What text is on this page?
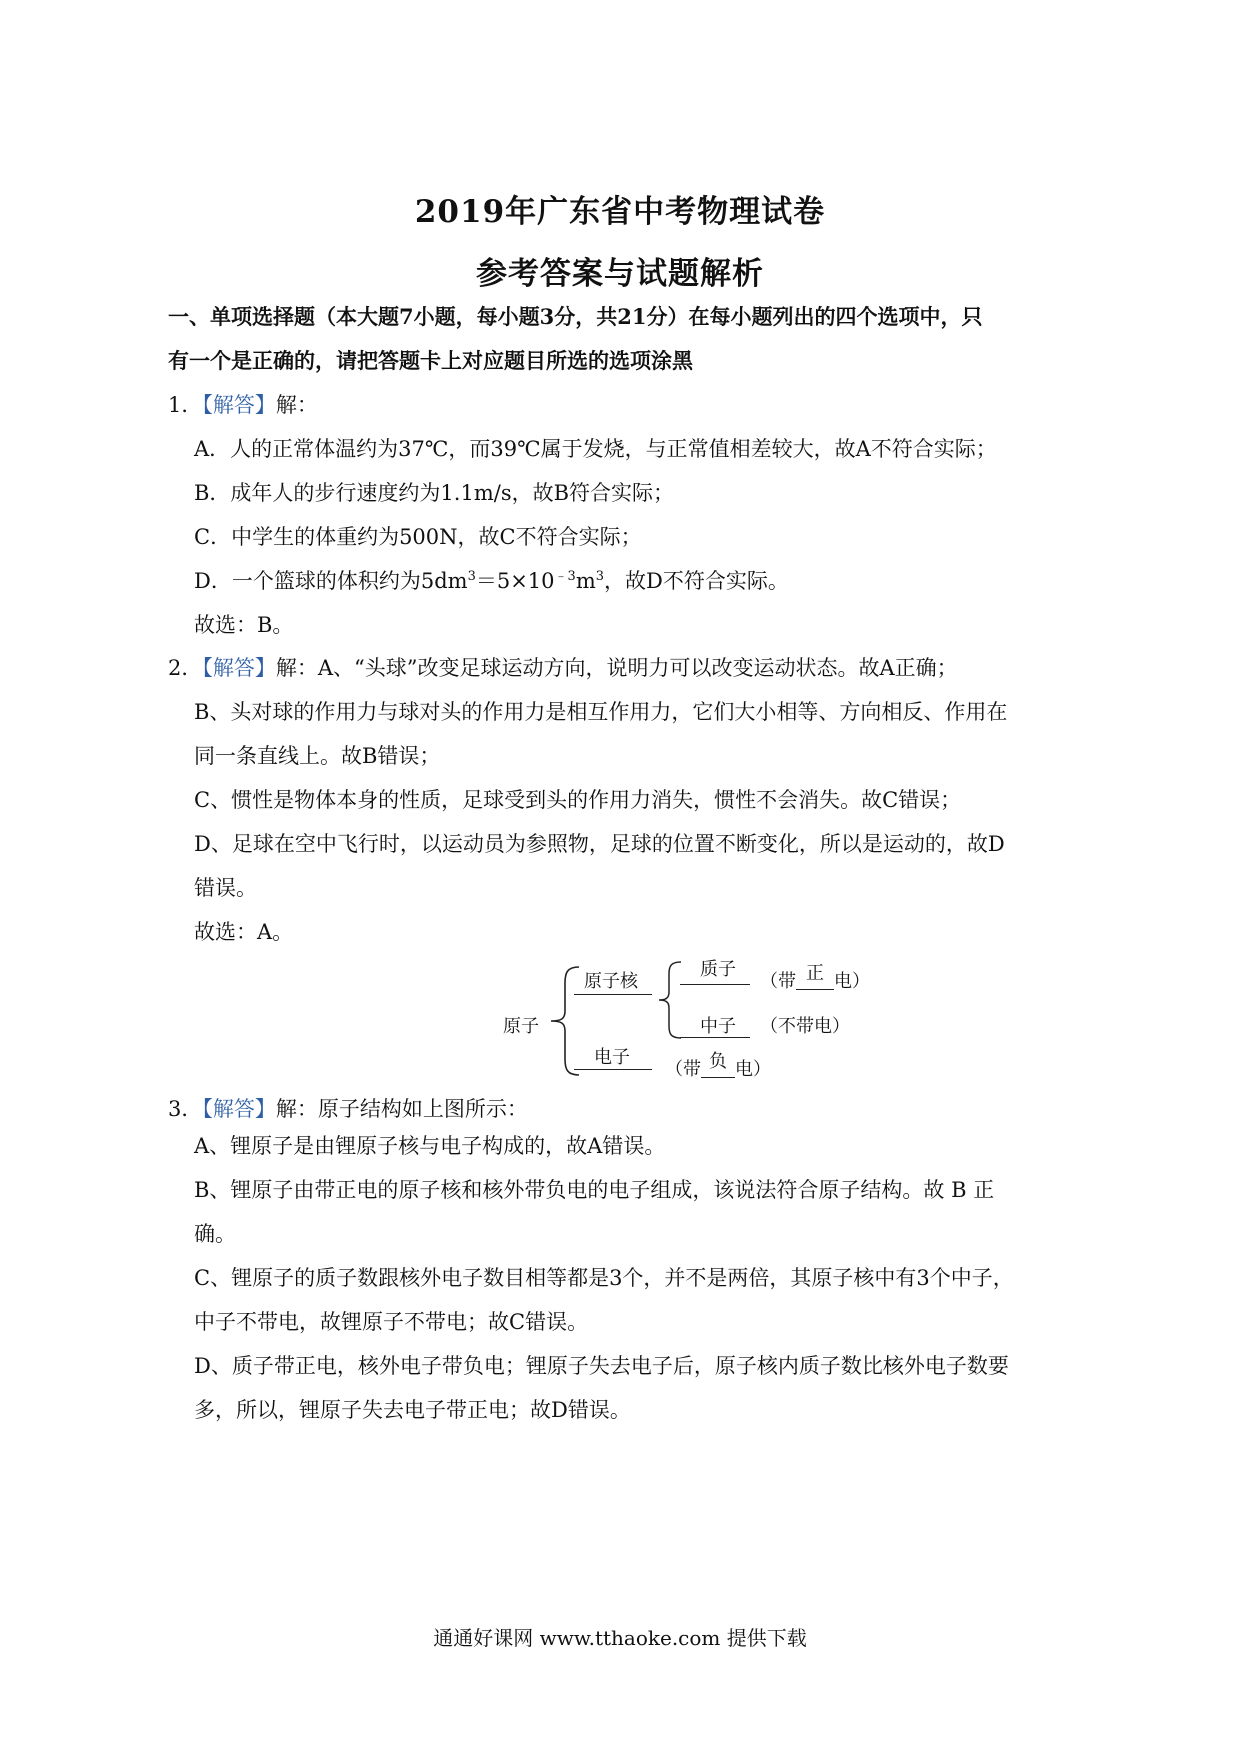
2019年广东省中考物理试卷
参考答案与试题解析
一、单项选择题（本大题7小题，每小题3分，共21分）在每小题列出的四个选项中，只
有一个是正确的，请把答题卡上对应题目所选的选项涂黑
1．【解答】解：
A．人的正常体温约为37℃，而39℃属于发烧，与正常值相差较大，故A不符合实际；
B．成年人的步行速度约为1.1m/s，故B符合实际；
C．中学生的体重约为500N，故C不符合实际；
D．一个篮球的体积约为$5dm^3=5\times 10^{﹣3}m^3$，故D不符合实际。
故选：B。
2．【解答】解：A、“头球”改变足球运动方向，说明力可以改变运动状态。故A正确；
B、头对球的作用力与球对头的作用力是相互作用力，它们大小相等、方向相反、作用在
同一条直线上。故B错误；
C、惯性是物体本身的性质，足球受到头的作用力消失，惯性不会消失。故C错误；
D、足球在空中飞行时，以运动员为参照物，足球的位置不断变化，所以是运动的，故D
错误。
故选：A。
原子
原子核
质子
（带 正 电）
中子 （不带电）
电子
（带 负 电）
3．【解答】解：原子结构如上图所示：
A、锂原子是由锂原子核与电子构成的，故A错误。
B、锂原子由带正电的原子核和核外带负电的电子组成，该说法符合原子结构。故 B 正
确。
C、锂原子的质子数跟核外电子数目相等都是3个，并不是两倍，其原子核中有3个中子，
中子不带电，故锂原子不带电；故C错误。
D、质子带正电，核外电子带负电；锂原子失去电子后，原子核内质子数比核外电子数要
多，所以，锂原子失去电子带正电；故D错误。
通通好课网 www.tthaoke.com 提供下载
